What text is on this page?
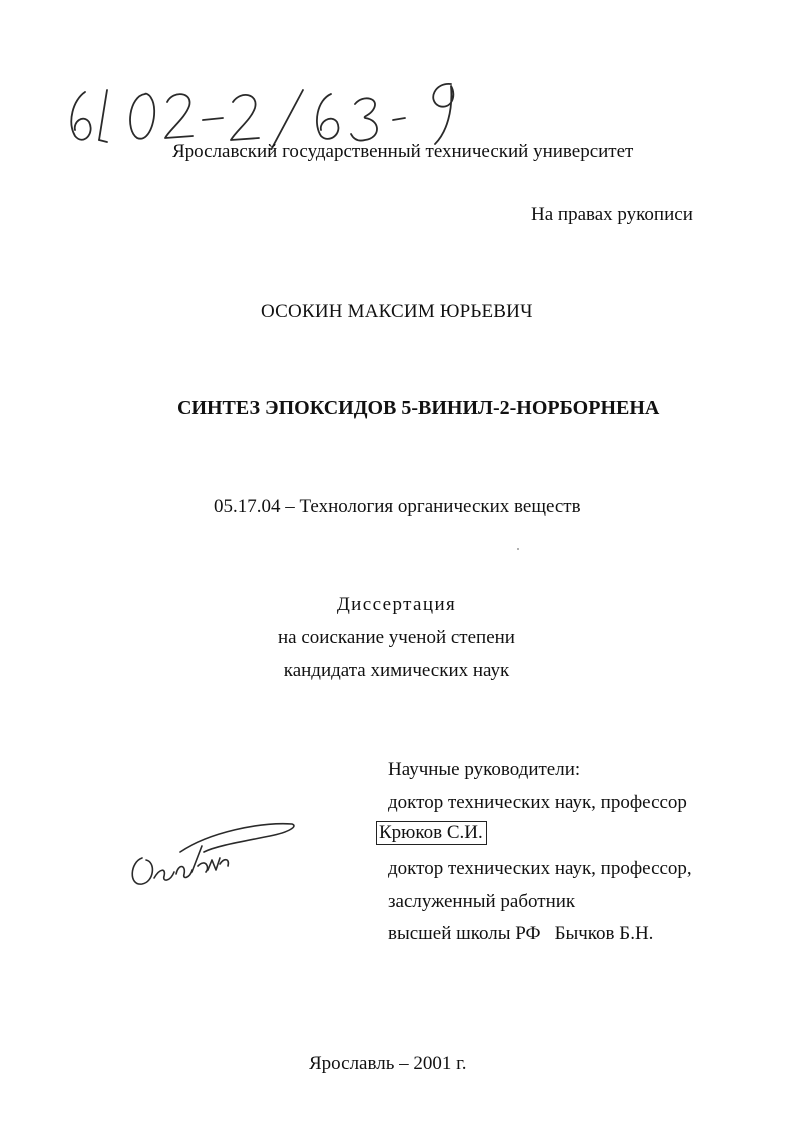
Ярославский государственный технический университет
На правах рукописи
ОСОКИН МАКСИМ ЮРЬЕВИЧ
СИНТЕЗ ЭПОКСИДОВ 5-ВИНИЛ-2-НОРБОРНЕНА
05.17.04 – Технология органических веществ
Диссертация
на соискание ученой степени
кандидата химических наук
Научные руководители:
доктор технических наук, профессор
Крюков С.И.
доктор технических наук, профессор,
заслуженный работник
высшей школы РФ Бычков Б.Н.
Ярославль – 2001 г.
